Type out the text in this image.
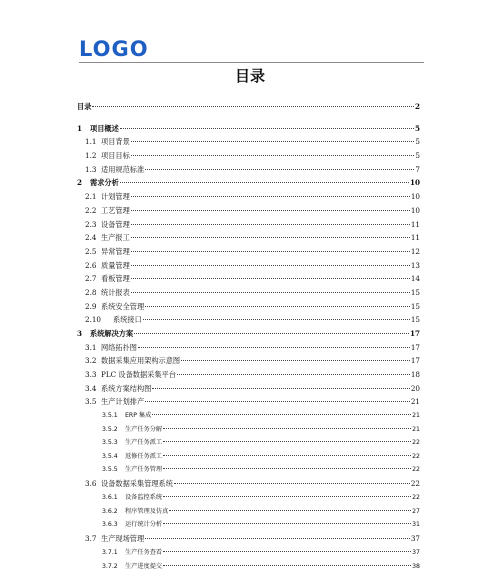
LOGO
目录
目录	2
1	项目概述	5
1.1 项目背景	5
1.2 项目目标	5
1.3 适用规范标准	7
2	需求分析	10
2.1 计划管理	10
2.2 工艺管理	10
2.3 设备管理	11
2.4 生产报工	11
2.5 异常管理	12
2.6 质量管理	13
2.7 看板管理	14
2.8 统计报表	15
2.9 系统安全管理	15
2.10	系统接口	15
3	系统解决方案	17
3.1 网络拓扑图	17
3.2 数据采集应用架构示意图	17
3.3 PLC 设备数据采集平台	18
3.4 系统方案结构图	20
3.5 生产计划排产	21
3.5.1	ERP 集成	21
3.5.2	生产任务分解	21
3.5.3	生产任务派工	22
3.5.4	返修任务派工	22
3.5.5	生产任务管理	22
3.6 设备数据采集管理系统	22
3.6.1	设备监控系统	22
3.6.2	程序管理及仿真	27
3.6.3	运行统计分析	31
3.7 生产现场管理	37
3.7.1	生产任务查看	37
3.7.2	生产进度提交	38
